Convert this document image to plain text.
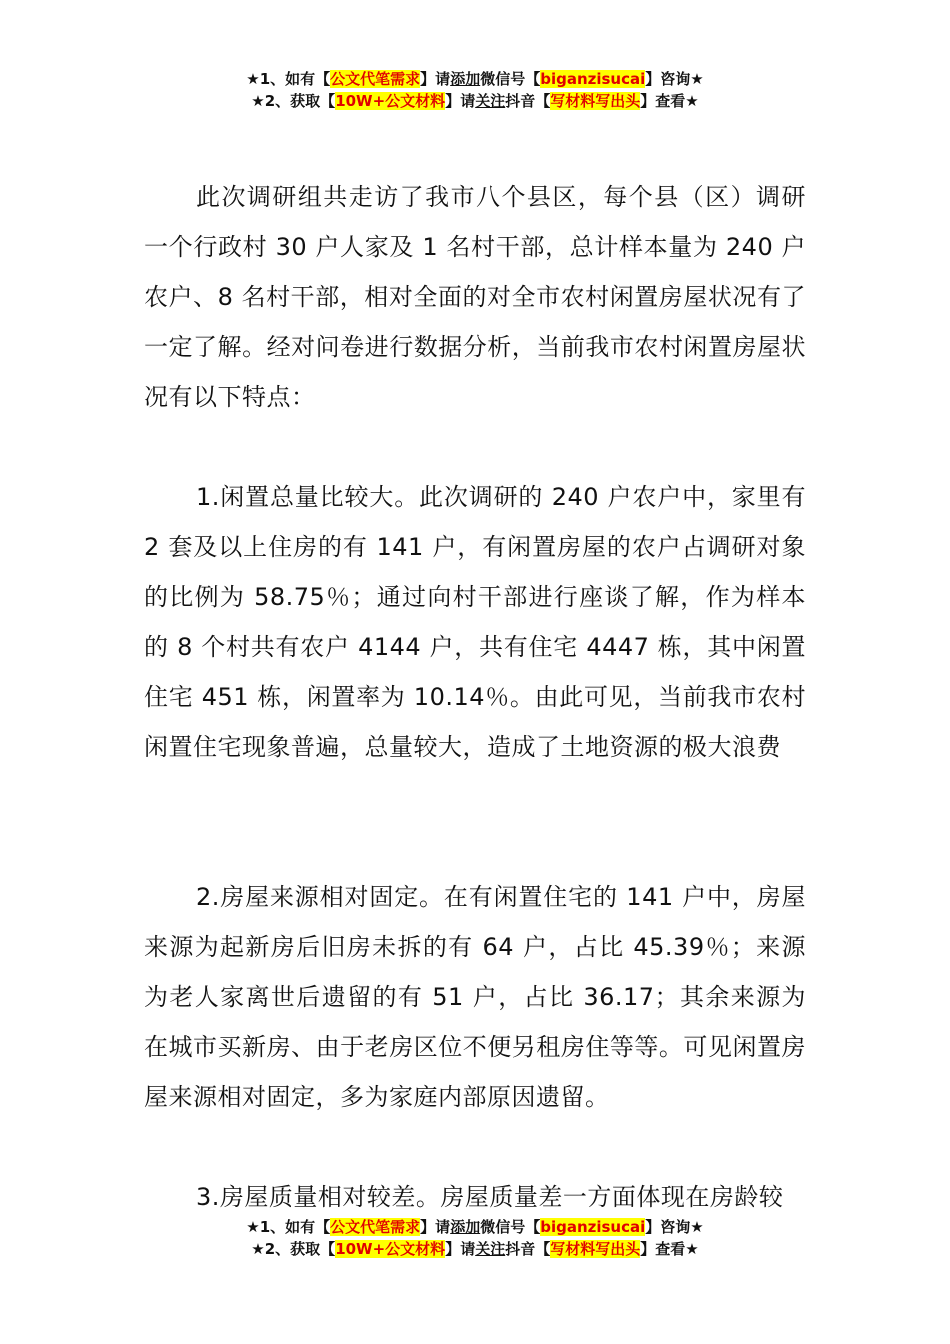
★1、如有【公文代笔需求】请添加微信号【biganzisucai】咨询★
★2、获取【10W+公文材料】请关注抖音【写材料写出头】查看★

此次调研组共走访了我市八个县区，每个县（区）调研一个行政村 30 户人家及 1 名村干部，总计样本量为 240 户农户、8 名村干部，相对全面的对全市农村闲置房屋状况有了一定了解。经对问卷进行数据分析，当前我市农村闲置房屋状况有以下特点：

1.闲置总量比较大。此次调研的 240 户农户中，家里有 2 套及以上住房的有 141 户，有闲置房屋的农户占调研对象的比例为 58.75％；通过向村干部进行座谈了解，作为样本的 8 个村共有农户 4144 户，共有住宅 4447 栋，其中闲置住宅 451 栋，闲置率为 10.14％。由此可见，当前我市农村闲置住宅现象普遍，总量较大，造成了土地资源的极大浪费

2.房屋来源相对固定。在有闲置住宅的 141 户中，房屋来源为起新房后旧房未拆的有 64 户，占比 45.39％；来源为老人家离世后遗留的有 51 户，占比 36.17；其余来源为在城市买新房、由于老房区位不便另租房住等等。可见闲置房屋来源相对固定，多为家庭内部原因遗留。

3.房屋质量相对较差。房屋质量差一方面体现在房龄较

★1、如有【公文代笔需求】请添加微信号【biganzisucai】咨询★
★2、获取【10W+公文材料】请关注抖音【写材料写出头】查看★
